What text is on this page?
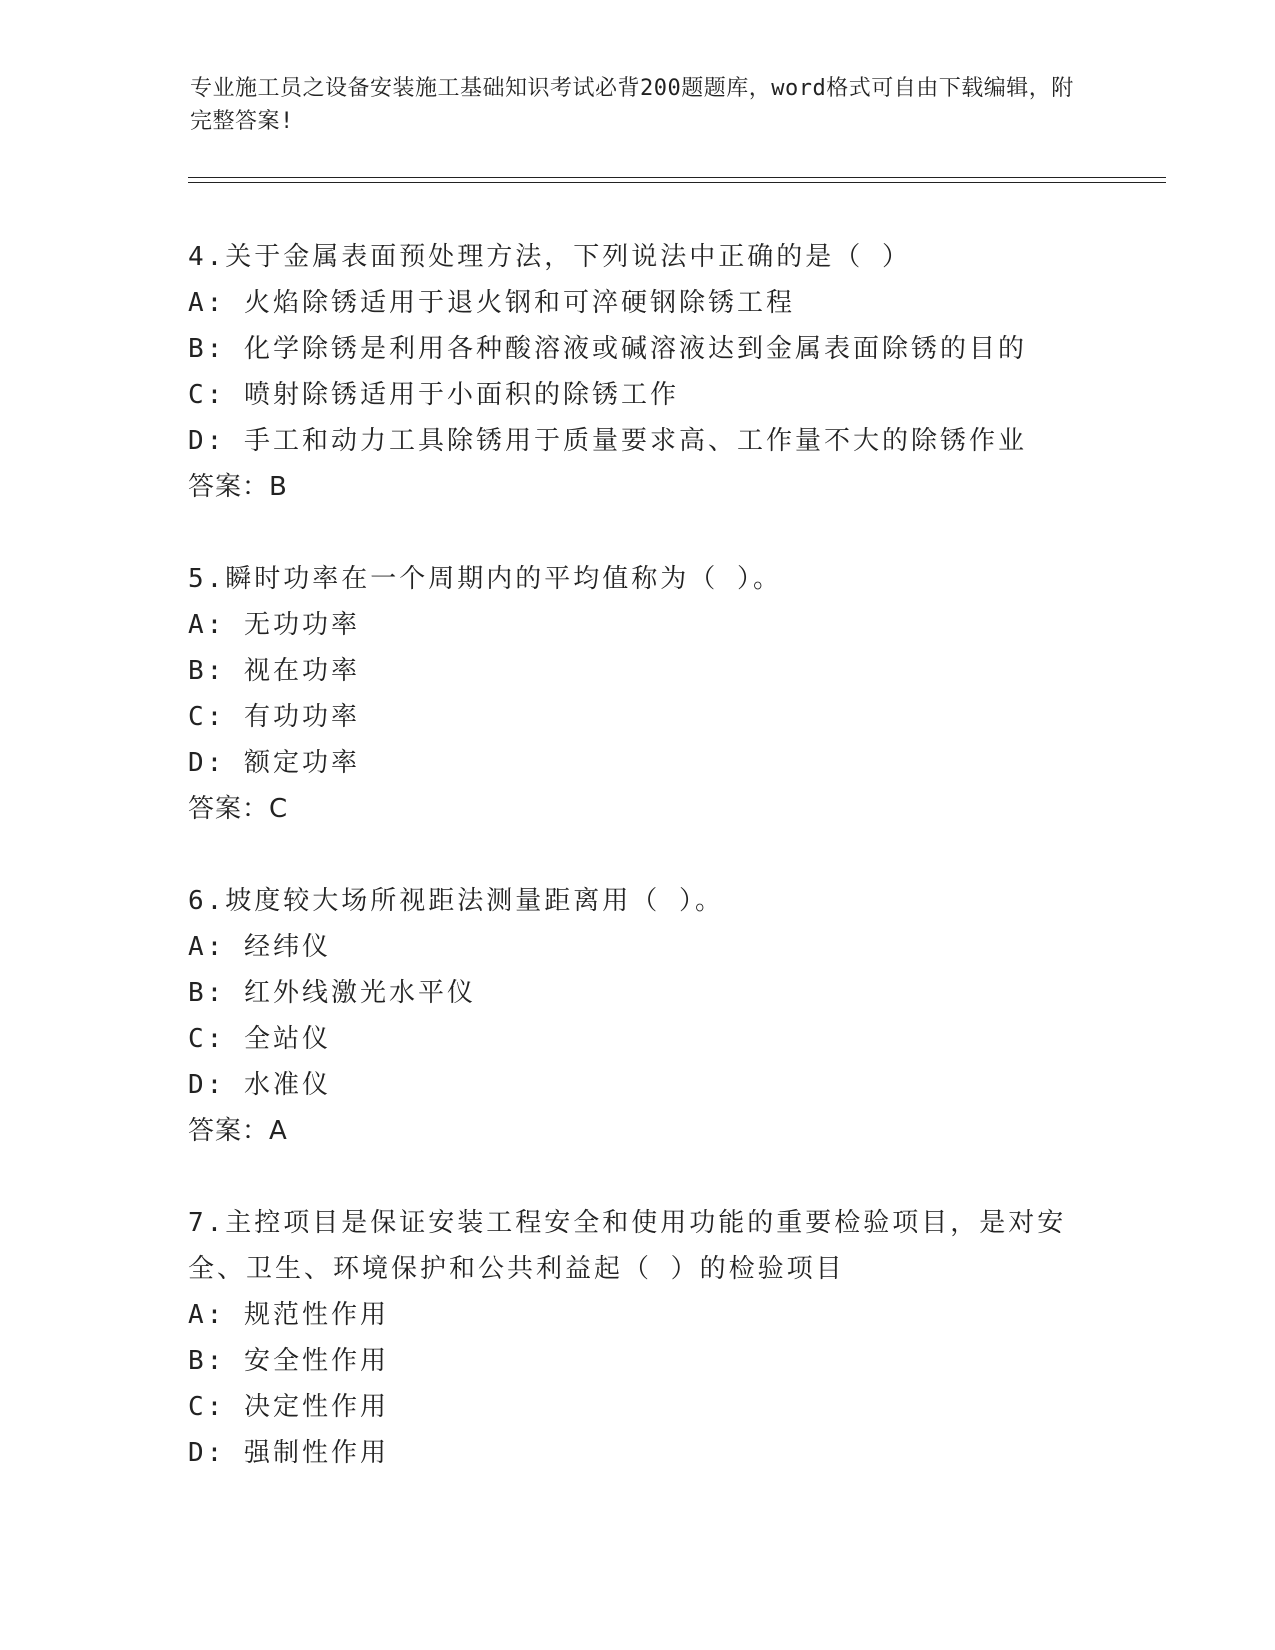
专业施工员之设备安装施工基础知识考试必背200题题库，word格式可自由下载编辑，附完整答案!

4.关于金属表面预处理方法，下列说法中正确的是（ ）

A: 火焰除锈适用于退火钢和可淬硬钢除锈工程

B: 化学除锈是利用各种酸溶液或碱溶液达到金属表面除锈的目的

C: 喷射除锈适用于小面积的除锈工作

D: 手工和动力工具除锈用于质量要求高、工作量不大的除锈作业

答案：B

5.瞬时功率在一个周期内的平均值称为（ ）。

A: 无功功率

B: 视在功率

C: 有功功率

D: 额定功率

答案：C

6.坡度较大场所视距法测量距离用（ ）。

A: 经纬仪

B: 红外线激光水平仪

C: 全站仪

D: 水准仪

答案：A

7.主控项目是保证安装工程安全和使用功能的重要检验项目，是对安全、卫生、环境保护和公共利益起（ ）的检验项目

A: 规范性作用

B: 安全性作用

C: 决定性作用

D: 强制性作用
